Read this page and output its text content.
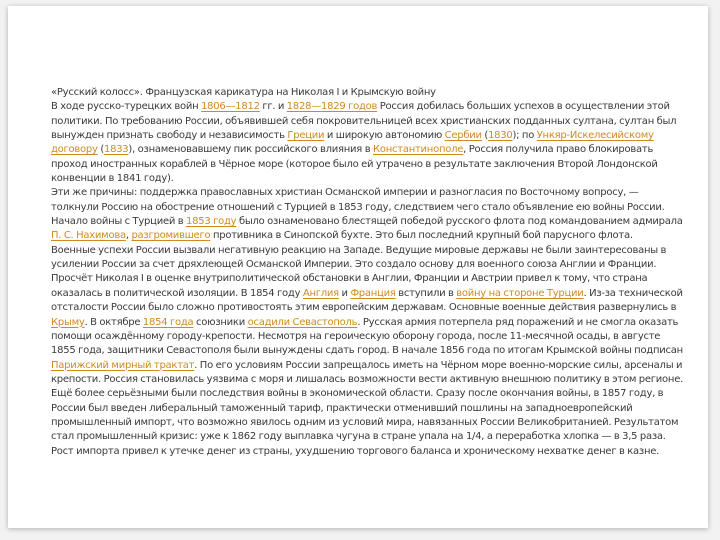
«Русский колосс». Французская карикатура на Николая I и Крымскую войну

В ходе русско-турецких войн 1806—1812 гг. и 1828—1829 годов Россия добилась больших успехов в осуществлении этой политики. По требованию России, объявившей себя покровительницей всех христианских подданных султана, султан был вынужден признать свободу и независимость Греции и широкую автономию Сербии (1830); по Ункяр-Искелесийскому договору (1833), ознаменовавшему пик российского влияния в Константинополе, Россия получила право блокировать проход иностранных кораблей в Чёрное море (которое было ей утрачено в результате заключения Второй Лондонской конвенции в 1841 году).

Эти же причины: поддержка православных христиан Османской империи и разногласия по Восточному вопросу, — толкнули Россию на обострение отношений с Турцией в 1853 году, следствием чего стало объявление ею войны России. Начало войны с Турцией в 1853 году было ознаменовано блестящей победой русского флота под командованием адмирала П. С. Нахимова, разгромившего противника в Синопской бухте. Это был последний крупный бой парусного флота.

Военные успехи России вызвали негативную реакцию на Западе. Ведущие мировые державы не были заинтересованы в усилении России за счет дряхлеющей Османской Империи. Это создало основу для военного союза Англии и Франции. Просчёт Николая I в оценке внутриполитической обстановки в Англии, Франции и Австрии привел к тому, что страна оказалась в политической изоляции. В 1854 году Англия и Франция вступили в войну на стороне Турции. Из-за технической отсталости России было сложно противостоять этим европейским державам. Основные военные действия развернулись в Крыму. В октябре 1854 года союзники осадили Севастополь. Русская армия потерпела ряд поражений и не смогла оказать помощи осаждённому городу-крепости. Несмотря на героическую оборону города, после 11-месячной осады, в августе 1855 года, защитники Севастополя были вынуждены сдать город. В начале 1856 года по итогам Крымской войны подписан Парижский мирный трактат. По его условиям России запрещалось иметь на Чёрном море военно-морские силы, арсеналы и крепости. Россия становилась уязвима с моря и лишалась возможности вести активную внешнюю политику в этом регионе.

Ещё более серьёзными были последствия войны в экономической области. Сразу после окончания войны, в 1857 году, в России был введен либеральный таможенный тариф, практически отменивший пошлины на западноевропейский промышленный импорт, что возможно явилось одним из условий мира, навязанных России Великобританией. Результатом стал промышленный кризис: уже к 1862 году выплавка чугуна в стране упала на 1/4, а переработка хлопка — в 3,5 раза. Рост импорта привел к утечке денег из страны, ухудшению торгового баланса и хроническому нехватке денег в казне.
